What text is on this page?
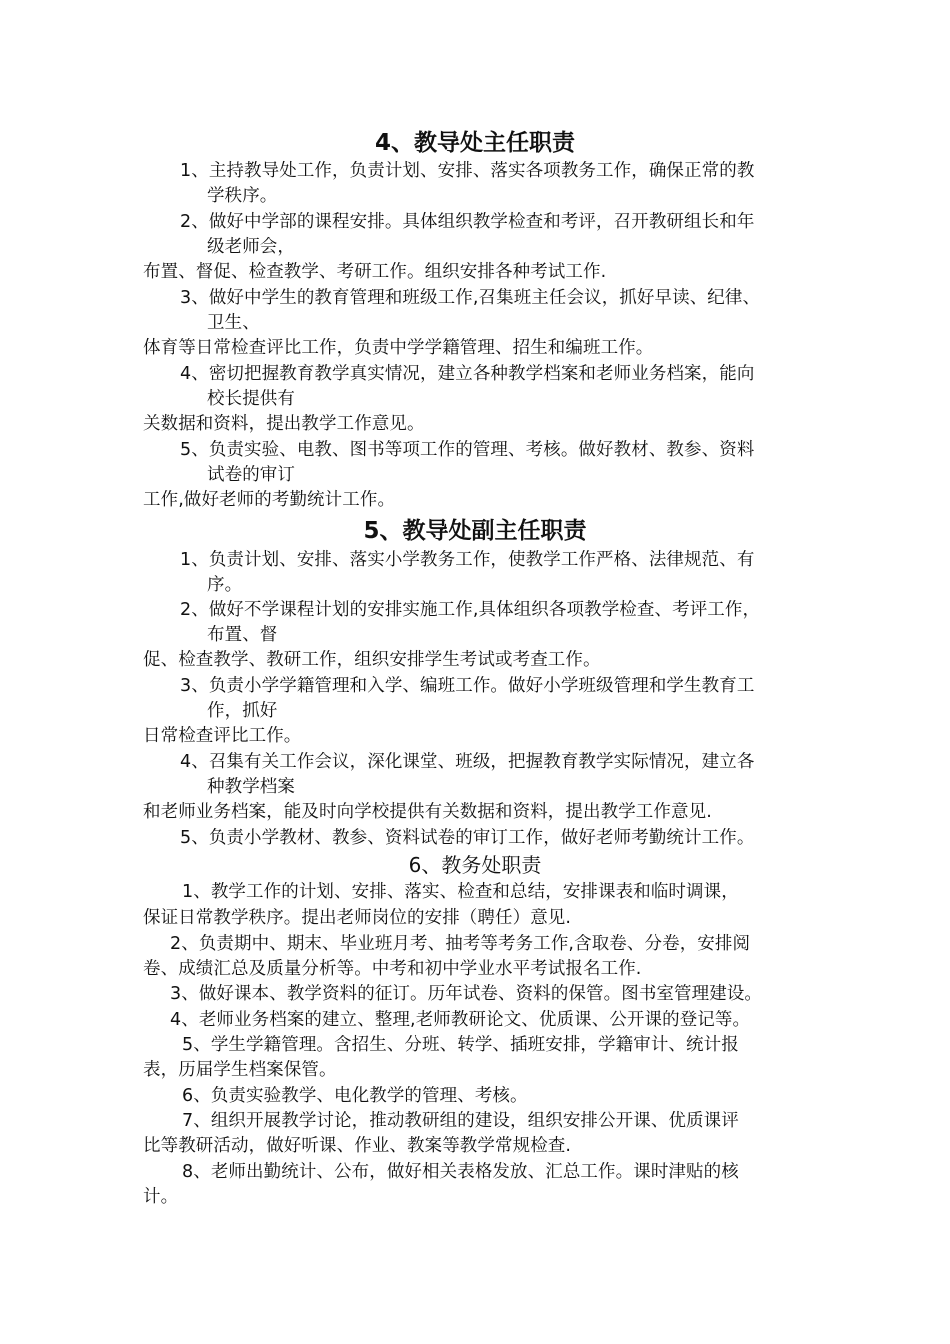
4、教导处主任职责
1、主持教导处工作，负责计划、安排、落实各项教务工作，确保正常的教
学秩序。
2、做好中学部的课程安排。具体组织教学检查和考评，召开教研组长和年
级老师会，
布置、督促、检查教学、考研工作。组织安排各种考试工作.
3、做好中学生的教育管理和班级工作,召集班主任会议，抓好早读、纪律、
卫生、
体育等日常检查评比工作，负责中学学籍管理、招生和编班工作。
4、密切把握教育教学真实情况，建立各种教学档案和老师业务档案，能向
校长提供有
关数据和资料，提出教学工作意见。
5、负责实验、电教、图书等项工作的管理、考核。做好教材、教参、资料
试卷的审订
工作,做好老师的考勤统计工作。
5、教导处副主任职责
1、负责计划、安排、落实小学教务工作，使教学工作严格、法律规范、有
序。
2、做好不学课程计划的安排实施工作,具体组织各项教学检查、考评工作，
布置、督
促、检查教学、教研工作，组织安排学生考试或考查工作。
3、负责小学学籍管理和入学、编班工作。做好小学班级管理和学生教育工
作，抓好
日常检查评比工作。
4、召集有关工作会议，深化课堂、班级，把握教育教学实际情况，建立各
种教学档案
和老师业务档案，能及时向学校提供有关数据和资料，提出教学工作意见.
5、负责小学教材、教参、资料试卷的审订工作，做好老师考勤统计工作。
6、教务处职责
1、教学工作的计划、安排、落实、检查和总结，安排课表和临时调课，
保证日常教学秩序。提出老师岗位的安排（聘任）意见.
2、负责期中、期末、毕业班月考、抽考等考务工作,含取卷、分卷，安排阅
卷、成绩汇总及质量分析等。中考和初中学业水平考试报名工作.
3、做好课本、教学资料的征订。历年试卷、资料的保管。图书室管理建设。
4、老师业务档案的建立、整理,老师教研论文、优质课、公开课的登记等。
5、学生学籍管理。含招生、分班、转学、插班安排，学籍审计、统计报
表，历届学生档案保管。
6、负责实验教学、电化教学的管理、考核。
7、组织开展教学讨论，推动教研组的建设，组织安排公开课、优质课评
比等教研活动，做好听课、作业、教案等教学常规检查.
8、老师出勤统计、公布，做好相关表格发放、汇总工作。课时津贴的核
计。
